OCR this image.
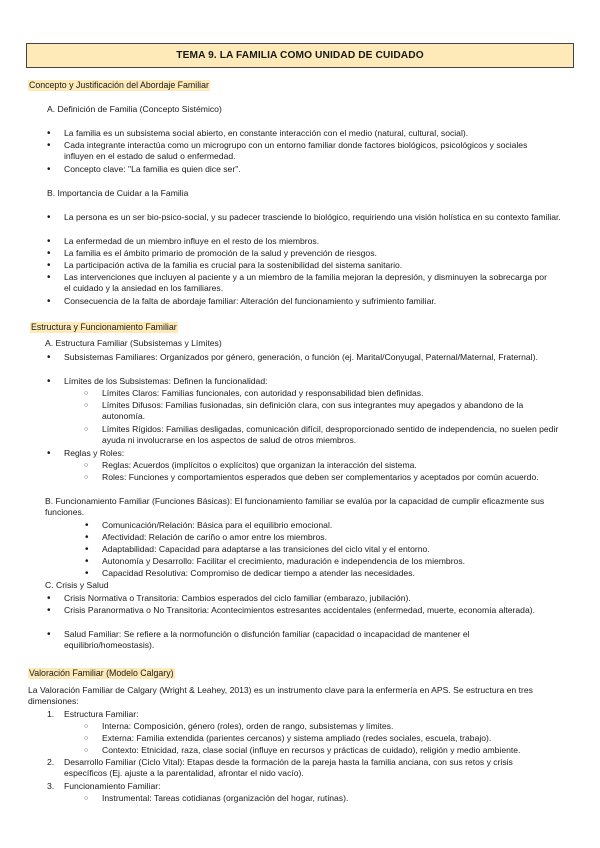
TEMA 9. LA FAMILIA COMO UNIDAD DE CUIDADO
Concepto y Justificación del Abordaje Familiar
A. Definición de Familia (Concepto Sistémico)
• La familia es un subsistema social abierto, en constante interacción con el medio (natural, cultural, social).
• Cada integrante interactúa como un microgrupo con un entorno familiar donde factores biológicos, psicológicos y sociales influyen en el estado de salud o enfermedad.
• Concepto clave: "La familia es quien dice ser".
B. Importancia de Cuidar a la Familia
• La persona es un ser bio-psico-social, y su padecer trasciende lo biológico, requiriendo una visión holística en su contexto familiar.
• La enfermedad de un miembro influye en el resto de los miembros.
• La familia es el ámbito primario de promoción de la salud y prevención de riesgos.
• La participación activa de la familia es crucial para la sostenibilidad del sistema sanitario.
• Las intervenciones que incluyen al paciente y a un miembro de la familia mejoran la depresión, y disminuyen la sobrecarga por el cuidado y la ansiedad en los familiares.
• Consecuencia de la falta de abordaje familiar: Alteración del funcionamiento y sufrimiento familiar.
Estructura y Funcionamiento Familiar
A. Estructura Familiar (Subsistemas y Límites)
• Subsistemas Familiares: Organizados por género, generación, o función (ej. Marital/Conyugal, Paternal/Maternal, Fraternal).
• Límites de los Subsistemas: Definen la funcionalidad:
○ Límites Claros: Familias funcionales, con autoridad y responsabilidad bien definidas.
○ Límites Difusos: Familias fusionadas, sin definición clara, con sus integrantes muy apegados y abandono de la autonomía.
○ Límites Rígidos: Familias desligadas, comunicación difícil, desproporcionado sentido de independencia, no suelen pedir ayuda ni involucrarse en los aspectos de salud de otros miembros.
• Reglas y Roles:
○ Reglas: Acuerdos (implícitos o explícitos) que organizan la interacción del sistema.
○ Roles: Funciones y comportamientos esperados que deben ser complementarios y aceptados por común acuerdo.
B. Funcionamiento Familiar (Funciones Básicas): El funcionamiento familiar se evalúa por la capacidad de cumplir eficazmente sus funciones.
• Comunicación/Relación: Básica para el equilibrio emocional.
• Afectividad: Relación de cariño o amor entre los miembros.
• Adaptabilidad: Capacidad para adaptarse a las transiciones del ciclo vital y el entorno.
• Autonomía y Desarrollo: Facilitar el crecimiento, maduración e independencia de los miembros.
• Capacidad Resolutiva: Compromiso de dedicar tiempo a atender las necesidades.
C. Crisis y Salud
• Crisis Normativa o Transitoria: Cambios esperados del ciclo familiar (embarazo, jubilación).
• Crisis Paranormativa o No Transitoria: Acontecimientos estresantes accidentales (enfermedad, muerte, economía alterada).
• Salud Familiar: Se refiere a la normofunción o disfunción familiar (capacidad o incapacidad de mantener el equilibrio/homeostasis).
Valoración Familiar (Modelo Calgary)
La Valoración Familiar de Calgary (Wright & Leahey, 2013) es un instrumento clave para la enfermería en APS. Se estructura en tres dimensiones:
1. Estructura Familiar:
○ Interna: Composición, género (roles), orden de rango, subsistemas y límites.
○ Externa: Familia extendida (parientes cercanos) y sistema ampliado (redes sociales, escuela, trabajo).
○ Contexto: Etnicidad, raza, clase social (influye en recursos y prácticas de cuidado), religión y medio ambiente.
2. Desarrollo Familiar (Ciclo Vital): Etapas desde la formación de la pareja hasta la familia anciana, con sus retos y crisis específicos (Ej. ajuste a la parentalidad, afrontar el nido vacío).
3. Funcionamiento Familiar:
○ Instrumental: Tareas cotidianas (organización del hogar, rutinas).
